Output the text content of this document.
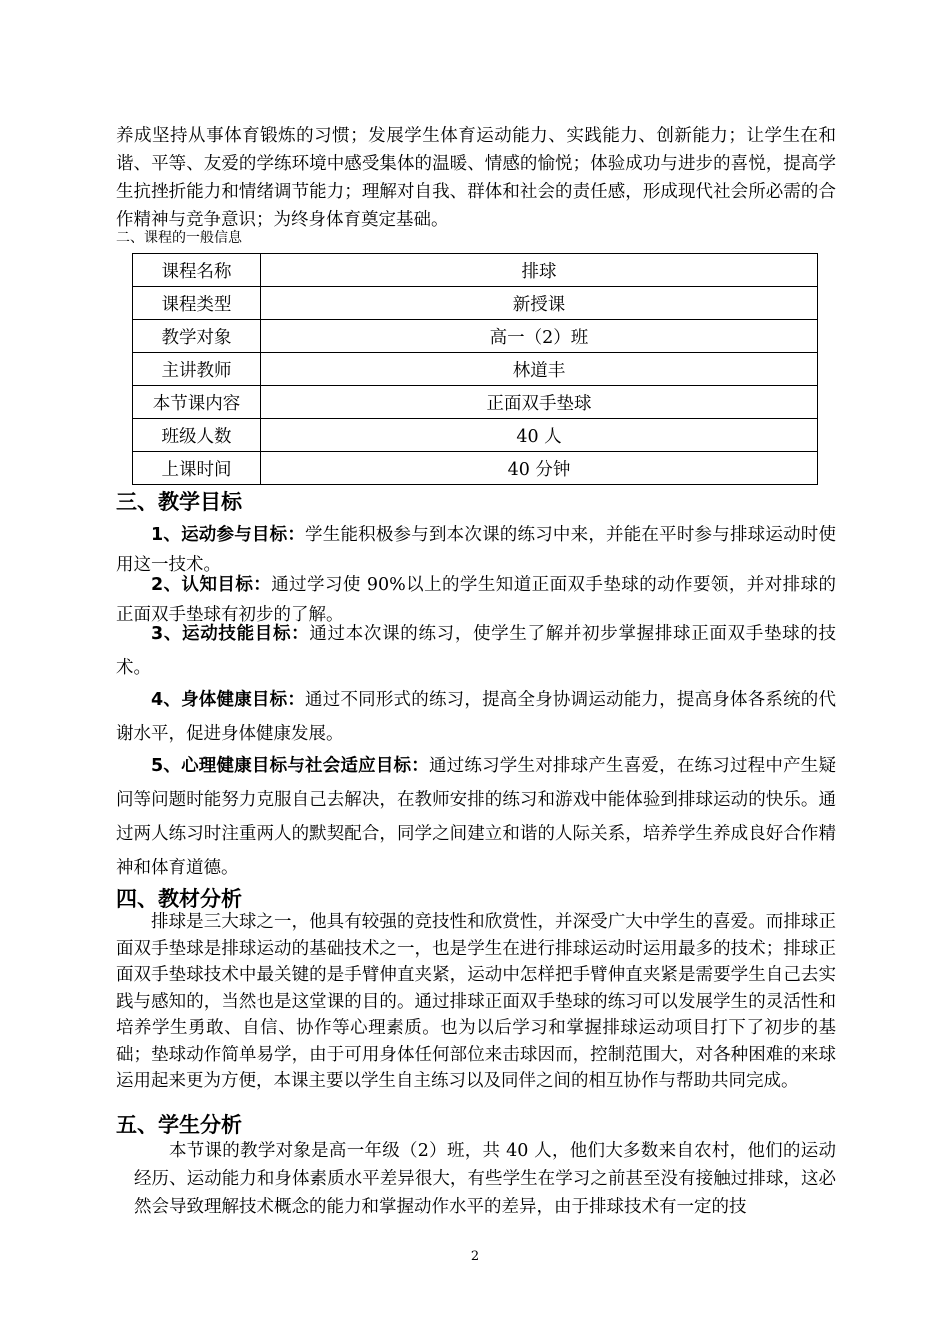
养成坚持从事体育锻炼的习惯；发展学生体育运动能力、实践能力、创新能力；让学生在和谐、平等、友爱的学练环境中感受集体的温暖、情感的愉悦；体验成功与进步的喜悦，提高学生抗挫折能力和情绪调节能力；理解对自我、群体和社会的责任感，形成现代社会所必需的合作精神与竞争意识；为终身体育奠定基础。

二、课程的一般信息
课程名称	排球
课程类型	新授课
教学对象	高一（2）班
主讲教师	林道丰
本节课内容	正面双手垫球
班级人数	40 人
上课时间	40 分钟
三、教学目标

1、运动参与目标：学生能积极参与到本次课的练习中来，并能在平时参与排球运动时使用这一技术。

2、认知目标：通过学习使 90%以上的学生知道正面双手垫球的动作要领，并对排球的正面双手垫球有初步的了解。

3、运动技能目标：通过本次课的练习，使学生了解并初步掌握排球正面双手垫球的技术。

4、身体健康目标：通过不同形式的练习，提高全身协调运动能力，提高身体各系统的代谢水平，促进身体健康发展。

5、心理健康目标与社会适应目标：通过练习学生对排球产生喜爱，在练习过程中产生疑问等问题时能努力克服自己去解决，在教师安排的练习和游戏中能体验到排球运动的快乐。通过两人练习时注重两人的默契配合，同学之间建立和谐的人际关系，培养学生养成良好合作精神和体育道德。

四、教材分析

排球是三大球之一，他具有较强的竞技性和欣赏性，并深受广大中学生的喜爱。而排球正面双手垫球是排球运动的基础技术之一，也是学生在进行排球运动时运用最多的技术；排球正面双手垫球技术中最关键的是手臂伸直夹紧，运动中怎样把手臂伸直夹紧是需要学生自己去实践与感知的，当然也是这堂课的目的。通过排球正面双手垫球的练习可以发展学生的灵活性和培养学生勇敢、自信、协作等心理素质。也为以后学习和掌握排球运动项目打下了初步的基础；垫球动作简单易学，由于可用身体任何部位来击球因而，控制范围大，对各种困难的来球运用起来更为方便，本课主要以学生自主练习以及同伴之间的相互协作与帮助共同完成。

五、学生分析

本节课的教学对象是高一年级（2）班，共 40 人，他们大多数来自农村，他们的运动经历、运动能力和身体素质水平差异很大，有些学生在学习之前甚至没有接触过排球，这必然会导致理解技术概念的能力和掌握动作水平的差异，由于排球技术有一定的技

2
